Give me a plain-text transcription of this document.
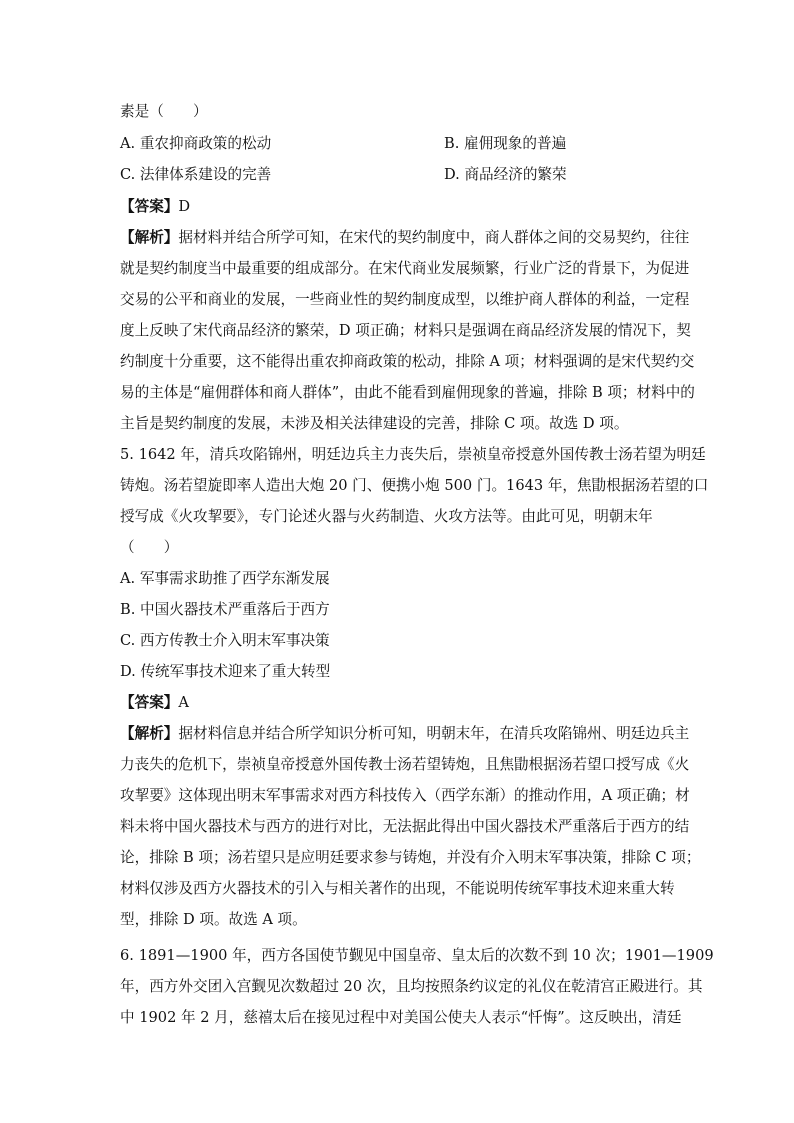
素是（　　）
A. 重农抑商政策的松动	B. 雇佣现象的普遍
C. 法律体系建设的完善	D. 商品经济的繁荣
【答案】D
【解析】据材料并结合所学可知，在宋代的契约制度中，商人群体之间的交易契约，往往
就是契约制度当中最重要的组成部分。在宋代商业发展频繁，行业广泛的背景下，为促进
交易的公平和商业的发展，一些商业性的契约制度成型，以维护商人群体的利益，一定程
度上反映了宋代商品经济的繁荣，D 项正确；材料只是强调在商品经济发展的情况下，契
约制度十分重要，这不能得出重农抑商政策的松动，排除 A 项；材料强调的是宋代契约交
易的主体是“雇佣群体和商人群体”，由此不能看到雇佣现象的普遍，排除 B 项；材料中的
主旨是契约制度的发展，未涉及相关法律建设的完善，排除 C 项。故选 D 项。
5. 1642 年，清兵攻陷锦州，明廷边兵主力丧失后，崇祯皇帝授意外国传教士汤若望为明廷
铸炮。汤若望旋即率人造出大炮 20 门、便携小炮 500 门。1643 年，焦勖根据汤若望的口
授写成《火攻挈要》，专门论述火器与火药制造、火攻方法等。由此可见，明朝末年
（　　）
A. 军事需求助推了西学东渐发展
B. 中国火器技术严重落后于西方
C. 西方传教士介入明末军事决策
D. 传统军事技术迎来了重大转型
【答案】A
【解析】据材料信息并结合所学知识分析可知，明朝末年，在清兵攻陷锦州、明廷边兵主
力丧失的危机下，崇祯皇帝授意外国传教士汤若望铸炮，且焦勖根据汤若望口授写成《火
攻挈要》这体现出明末军事需求对西方科技传入（西学东渐）的推动作用，A 项正确；材
料未将中国火器技术与西方的进行对比，无法据此得出中国火器技术严重落后于西方的结
论，排除 B 项；汤若望只是应明廷要求参与铸炮，并没有介入明末军事决策，排除 C 项；
材料仅涉及西方火器技术的引入与相关著作的出现，不能说明传统军事技术迎来重大转
型，排除 D 项。故选 A 项。
6. 1891—1900 年，西方各国使节觐见中国皇帝、皇太后的次数不到 10 次；1901—1909
年，西方外交团入宫觐见次数超过 20 次，且均按照条约议定的礼仪在乾清宫正殿进行。其
中 1902 年 2 月，慈禧太后在接见过程中对美国公使夫人表示“忏悔”。这反映出，清廷
